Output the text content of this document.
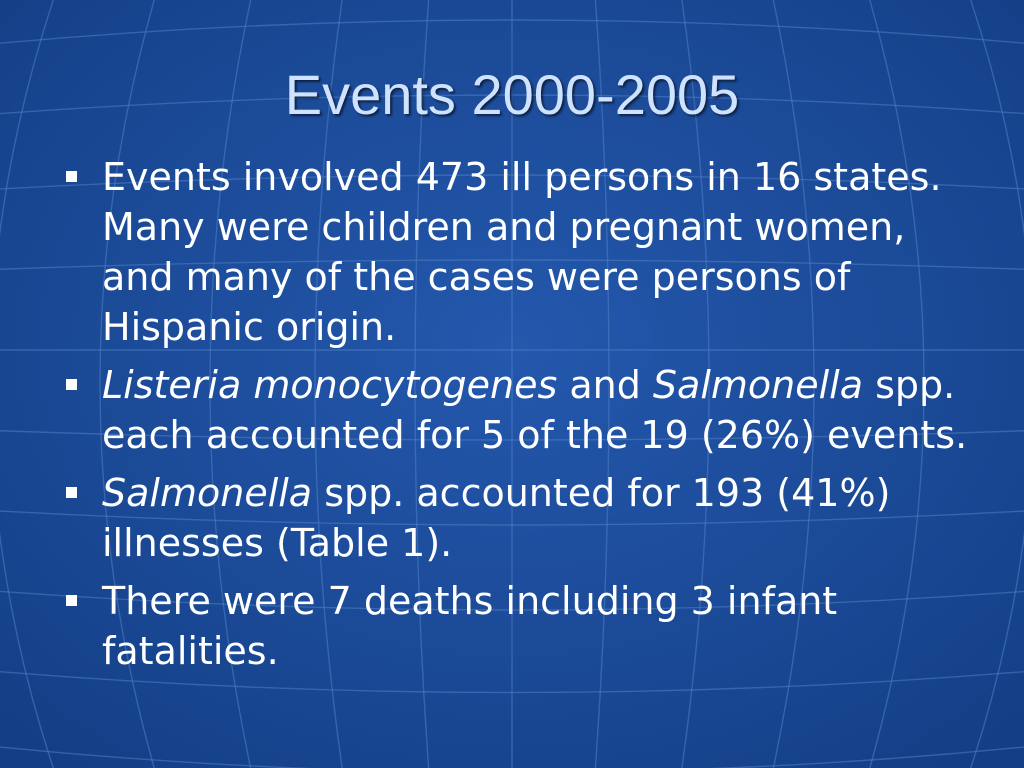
Events 2000-2005
Events involved 473 ill persons in 16 states. Many were children and pregnant women, and many of the cases were persons of Hispanic origin.
Listeria monocytogenes and Salmonella spp. each accounted for 5 of the 19 (26%) events.
Salmonella spp. accounted for 193 (41%) illnesses (Table 1).
There were 7 deaths including 3 infant fatalities.
